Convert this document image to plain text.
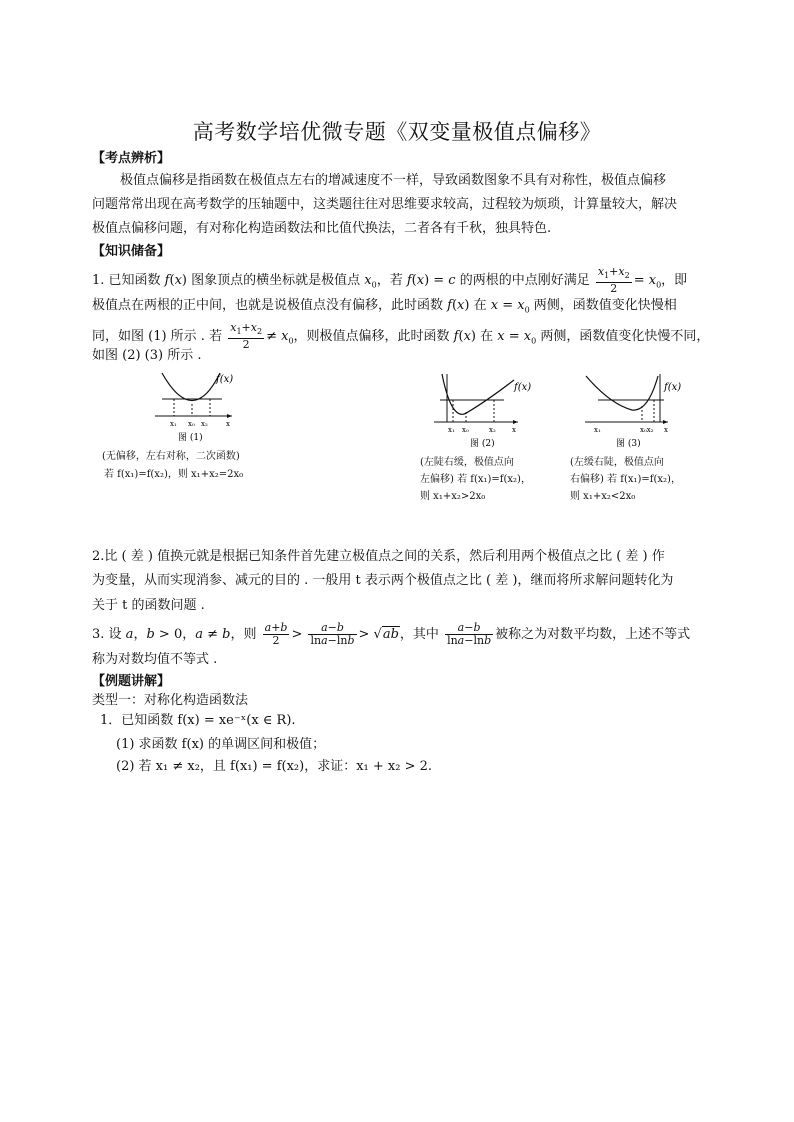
高考数学培优微专题《双变量极值点偏移》
【考点辨析】
极值点偏移是指函数在极值点左右的增减速度不一样，导致函数图象不具有对称性，极值点偏移
问题常常出现在高考数学的压轴题中，这类题往往对思维要求较高，过程较为烦琐，计算量较大，解决
极值点偏移问题，有对称化构造函数法和比值代换法，二者各有千秋，独具特色.
【知识储备】
1. 已知函数 f(x) 图象顶点的横坐标就是极值点 $x_0$，若 f(x) = c 的两根的中点刚好满足 $\frac{x_1+x_2}{2} = x_0$，即
极值点在两根的正中间，也就是说极值点没有偏移，此时函数 f(x) 在 $x = x_0$ 两侧，函数值变化快慢相
同，如图 (1) 所示 . 若 $\frac{x_1+x_2}{2} \ne x_0$，则极值点偏移，此时函数 f(x) 在 $x = x_0$ 两侧，函数值变化快慢不同，
如图 (2) (3) 所示 .
f(x)
x₁ x₀ x₂	x
图 (1)
(无偏移，左右对称，二次函数)
若 f(x₁)=f(x₂)，则 x₁+x₂=2x₀
f(x)
x₁ x₀	x₂ x
图 (2)
(左陡右缓，极值点向
左偏移) 若 f(x₁)=f(x₂)，
则 x₁+x₂>2x₀
f(x)
x₁	x₀x₂ x
图 (3)
(左缓右陡，极值点向
右偏移) 若 f(x₁)=f(x₂)，
则 x₁+x₂<2x₀
2.比 ( 差 ) 值换元就是根据已知条件首先建立极值点之间的关系，然后利用两个极值点之比 ( 差 ) 作
为变量，从而实现消参、减元的目的 . 一般用 t 表示两个极值点之比 ( 差 )，继而将所求解问题转化为
关于 t 的函数问题 .
3. 设 a，b > 0，a ≠ b，则 $\frac{a+b}{2} > \frac{a-b}{\ln a-\ln b} > √ab$，其中 $\frac{a-b}{\ln a-\ln b}$ 被称之为对数平均数，上述不等式
称为对数均值不等式 .
【例题讲解】
类型一：对称化构造函数法
1．已知函数 f(x) = xe⁻ˣ(x ∈ R).
(1) 求函数 f(x) 的单调区间和极值；
(2) 若 x₁ ≠ x₂，且 f(x₁) = f(x₂)，求证：x₁ + x₂ > 2.
